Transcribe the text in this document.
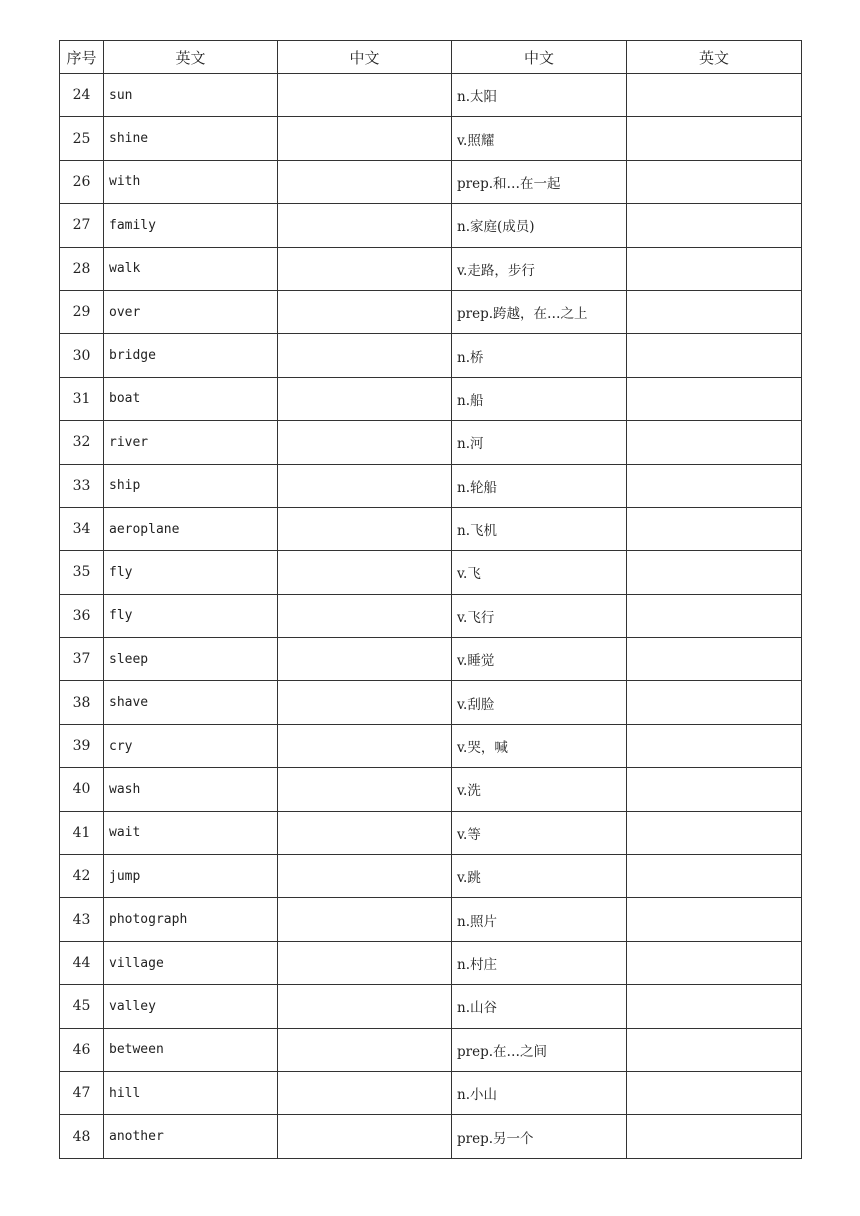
序号	英文	中文	中文	英文
24	sun		n.太阳	
25	shine		v.照耀	
26	with		prep.和…在一起	
27	family		n.家庭(成员)	
28	walk		v.走路，步行	
29	over		prep.跨越，在…之上	
30	bridge		n.桥	
31	boat		n.船	
32	river		n.河	
33	ship		n.轮船	
34	aeroplane		n.飞机	
35	fly		v.飞	
36	fly		v.飞行	
37	sleep		v.睡觉	
38	shave		v.刮脸	
39	cry		v.哭，喊	
40	wash		v.洗	
41	wait		v.等	
42	jump		v.跳	
43	photograph		n.照片	
44	village		n.村庄	
45	valley		n.山谷	
46	between		prep.在…之间	
47	hill		n.小山	
48	another		prep.另一个	
